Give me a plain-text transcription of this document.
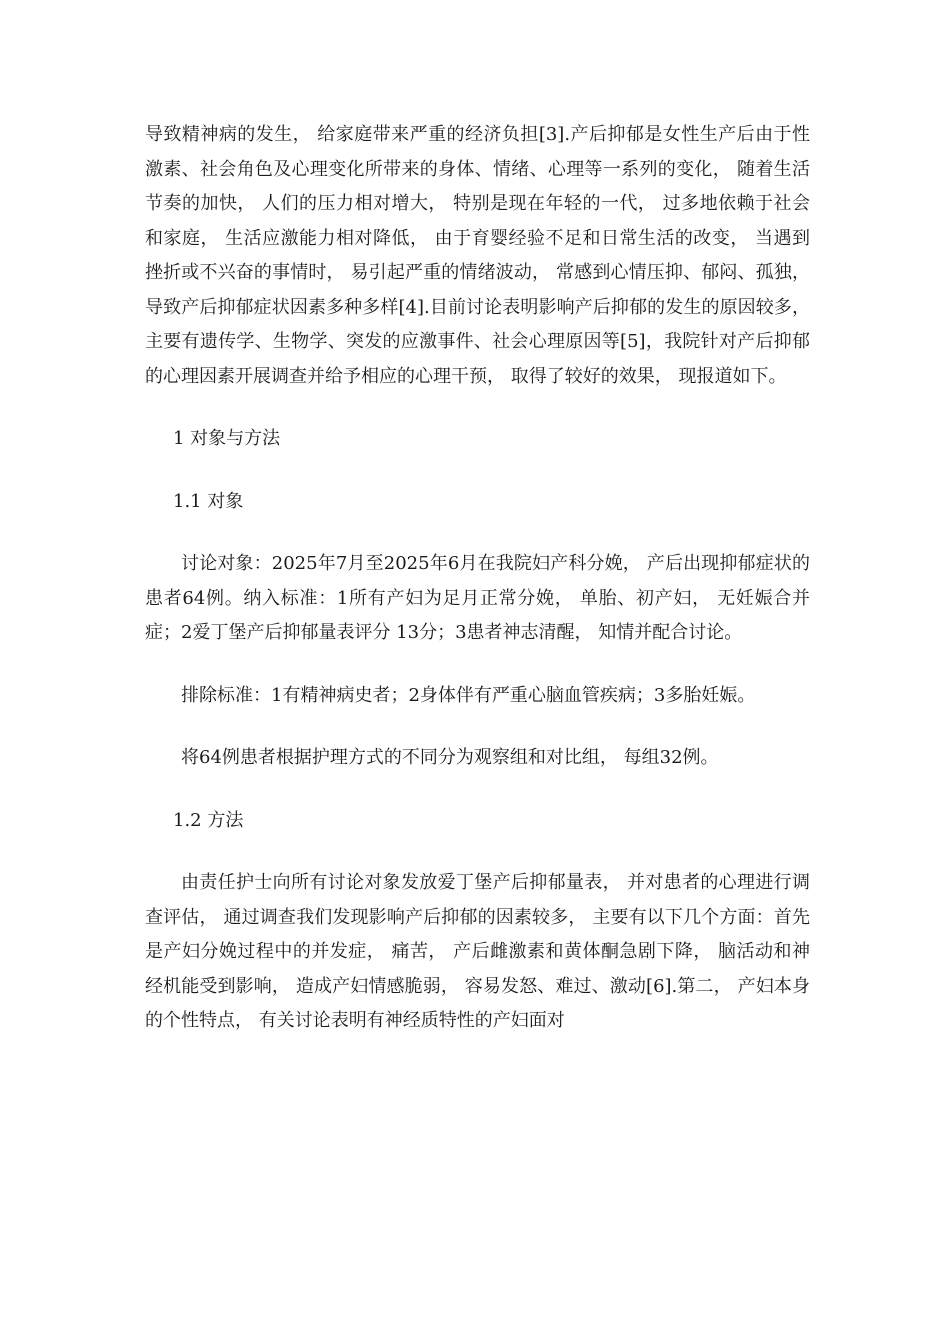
导致精神病的发生， 给家庭带来严重的经济负担[3].产后抑郁是女性生产后由于性激素、社会角色及心理变化所带来的身体、情绪、心理等一系列的变化， 随着生活节奏的加快， 人们的压力相对增大， 特别是现在年轻的一代， 过多地依赖于社会和家庭， 生活应激能力相对降低， 由于育婴经验不足和日常生活的改变， 当遇到挫折或不兴奋的事情时， 易引起严重的情绪波动， 常感到心情压抑、郁闷、孤独， 导致产后抑郁症状因素多种多样[4].目前讨论表明影响产后抑郁的发生的原因较多， 主要有遗传学、生物学、突发的应激事件、社会心理原因等[5]，我院针对产后抑郁的心理因素开展调查并给予相应的心理干预， 取得了较好的效果， 现报道如下。

1 对象与方法

1.1 对象

讨论对象：2025年7月至2025年6月在我院妇产科分娩， 产后出现抑郁症状的患者64例。纳入标准：1所有产妇为足月正常分娩， 单胎、初产妇， 无妊娠合并症；2爱丁堡产后抑郁量表评分 13分；3患者神志清醒， 知情并配合讨论。

排除标准：1有精神病史者；2身体伴有严重心脑血管疾病；3多胎妊娠。

将64例患者根据护理方式的不同分为观察组和对比组， 每组32例。

1.2 方法

由责任护士向所有讨论对象发放爱丁堡产后抑郁量表， 并对患者的心理进行调查评估， 通过调查我们发现影响产后抑郁的因素较多， 主要有以下几个方面：首先是产妇分娩过程中的并发症， 痛苦， 产后雌激素和黄体酮急剧下降， 脑活动和神经机能受到影响， 造成产妇情感脆弱， 容易发怒、难过、激动[6].第二， 产妇本身的个性特点， 有关讨论表明有神经质特性的产妇面对
